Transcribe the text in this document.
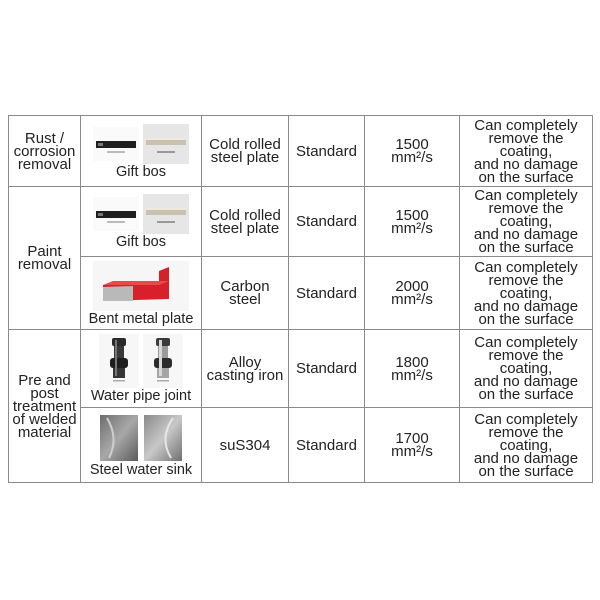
Rust /
corrosion
removal	Gift bos	Cold rolled
steel plate	Standard	1500
mm²/s	Can completely
remove the
coating,
and no damage
on the surface

Paint
removal	Gift bos	Cold rolled
steel plate	Standard	1500
mm²/s	Can completely
remove the
coating,
and no damage
on the surface

	Bent metal plate	Carbon
steel	Standard	2000
mm²/s	Can completely
remove the
coating,
and no damage
on the surface

Pre and
post
treatment
of welded
material	Water pipe joint	Alloy
casting iron	Standard	1800
mm²/s	Can completely
remove the
coating,
and no damage
on the surface

	Steel water sink	suS304	Standard	1700
mm²/s	Can completely
remove the
coating,
and no damage
on the surface
